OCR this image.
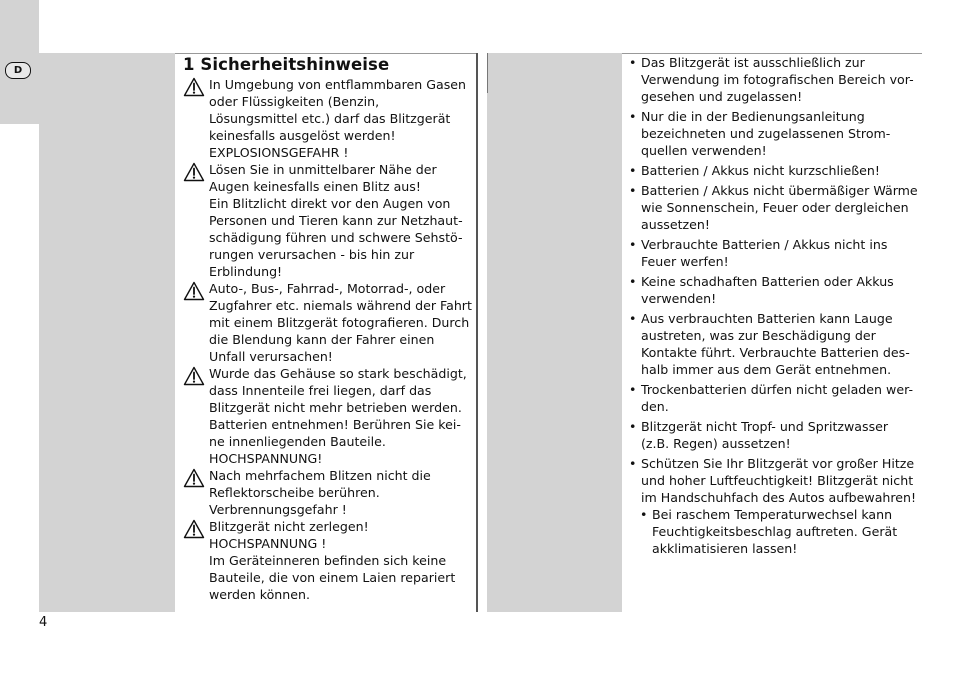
D
4
1 Sicherheitshinweise
In Umgebung von entflammbaren Gasen
oder Flüssigkeiten (Benzin,
Lösungsmittel etc.) darf das Blitzgerät
keinesfalls ausgelöst werden!
EXPLOSIONSGEFAHR !
Lösen Sie in unmittelbarer Nähe der
Augen keinesfalls einen Blitz aus!
Ein Blitzlicht direkt vor den Augen von
Personen und Tieren kann zur Netzhaut-
schädigung führen und schwere Sehstö-
rungen verursachen - bis hin zur
Erblindung!
Auto-, Bus-, Fahrrad-, Motorrad-, oder
Zugfahrer etc. niemals während der Fahrt
mit einem Blitzgerät fotografieren. Durch
die Blendung kann der Fahrer einen
Unfall verursachen!
Wurde das Gehäuse so stark beschädigt,
dass Innenteile frei liegen, darf das
Blitzgerät nicht mehr betrieben werden.
Batterien entnehmen! Berühren Sie kei-
ne innenliegenden Bauteile.
HOCHSPANNUNG!
Nach mehrfachem Blitzen nicht die
Reflektorscheibe berühren.
Verbrennungsgefahr !
Blitzgerät nicht zerlegen!
HOCHSPANNUNG !
Im Geräteinneren befinden sich keine
Bauteile, die von einem Laien repariert
werden können.
• Das Blitzgerät ist ausschließlich zur
Verwendung im fotografischen Bereich vor-
gesehen und zugelassen!
• Nur die in der Bedienungsanleitung
bezeichneten und zugelassenen Strom-
quellen verwenden!
• Batterien / Akkus nicht kurzschließen!
• Batterien / Akkus nicht übermäßiger Wärme
wie Sonnenschein, Feuer oder dergleichen
aussetzen!
• Verbrauchte Batterien / Akkus nicht ins
Feuer werfen!
• Keine schadhaften Batterien oder Akkus
verwenden!
• Aus verbrauchten Batterien kann Lauge
austreten, was zur Beschädigung der
Kontakte führt. Verbrauchte Batterien des-
halb immer aus dem Gerät entnehmen.
• Trockenbatterien dürfen nicht geladen wer-
den.
• Blitzgerät nicht Tropf- und Spritzwasser
(z.B. Regen) aussetzen!
• Schützen Sie Ihr Blitzgerät vor großer Hitze
und hoher Luftfeuchtigkeit! Blitzgerät nicht
im Handschuhfach des Autos aufbewahren!
• Bei raschem Temperaturwechsel kann
Feuchtigkeitsbeschlag auftreten. Gerät
akklimatisieren lassen!
